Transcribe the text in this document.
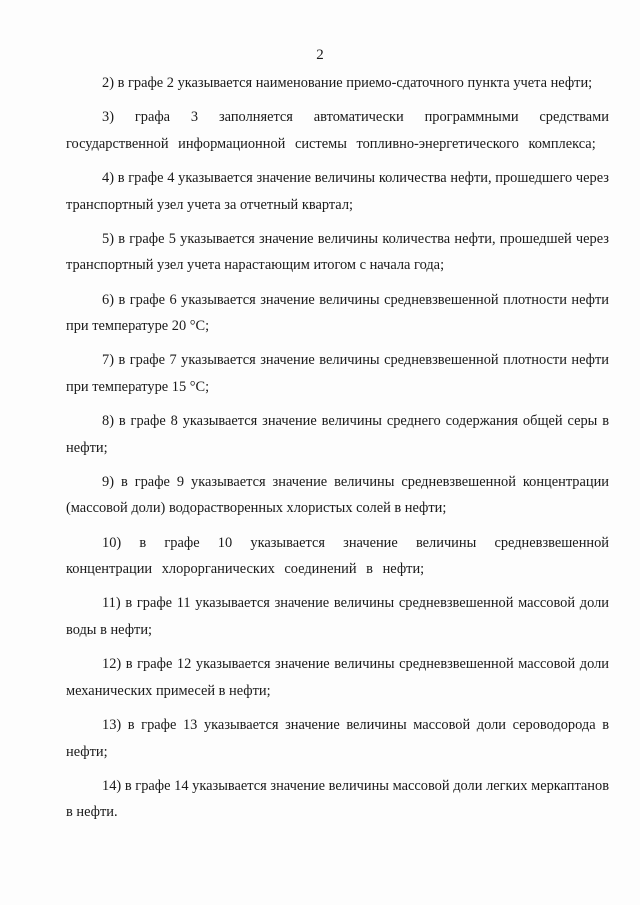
2

2) в графе 2 указывается наименование приемо-сдаточного пункта учета нефти;

3) графа 3 заполняется автоматически программными средствами государственной информационной системы топливно-энергетического комплекса;

4) в графе 4 указывается значение величины количества нефти, прошедшего через транспортный узел учета за отчетный квартал;

5) в графе 5 указывается значение величины количества нефти, прошедшей через транспортный узел учета нарастающим итогом с начала года;

6) в графе 6 указывается значение величины средневзвешенной плотности нефти при температуре 20 °С;

7) в графе 7 указывается значение величины средневзвешенной плотности нефти при температуре 15 °С;

8) в графе 8 указывается значение величины среднего содержания общей серы в нефти;

9) в графе 9 указывается значение величины средневзвешенной концентрации (массовой доли) водорастворенных хлористых солей в нефти;

10) в графе 10 указывается значение величины средневзвешенной концентрации хлорорганических соединений в нефти;

11) в графе 11 указывается значение величины средневзвешенной массовой доли воды в нефти;

12) в графе 12 указывается значение величины средневзвешенной массовой доли механических примесей в нефти;

13) в графе 13 указывается значение величины массовой доли сероводорода в нефти;

14) в графе 14 указывается значение величины массовой доли легких меркаптанов в нефти.
